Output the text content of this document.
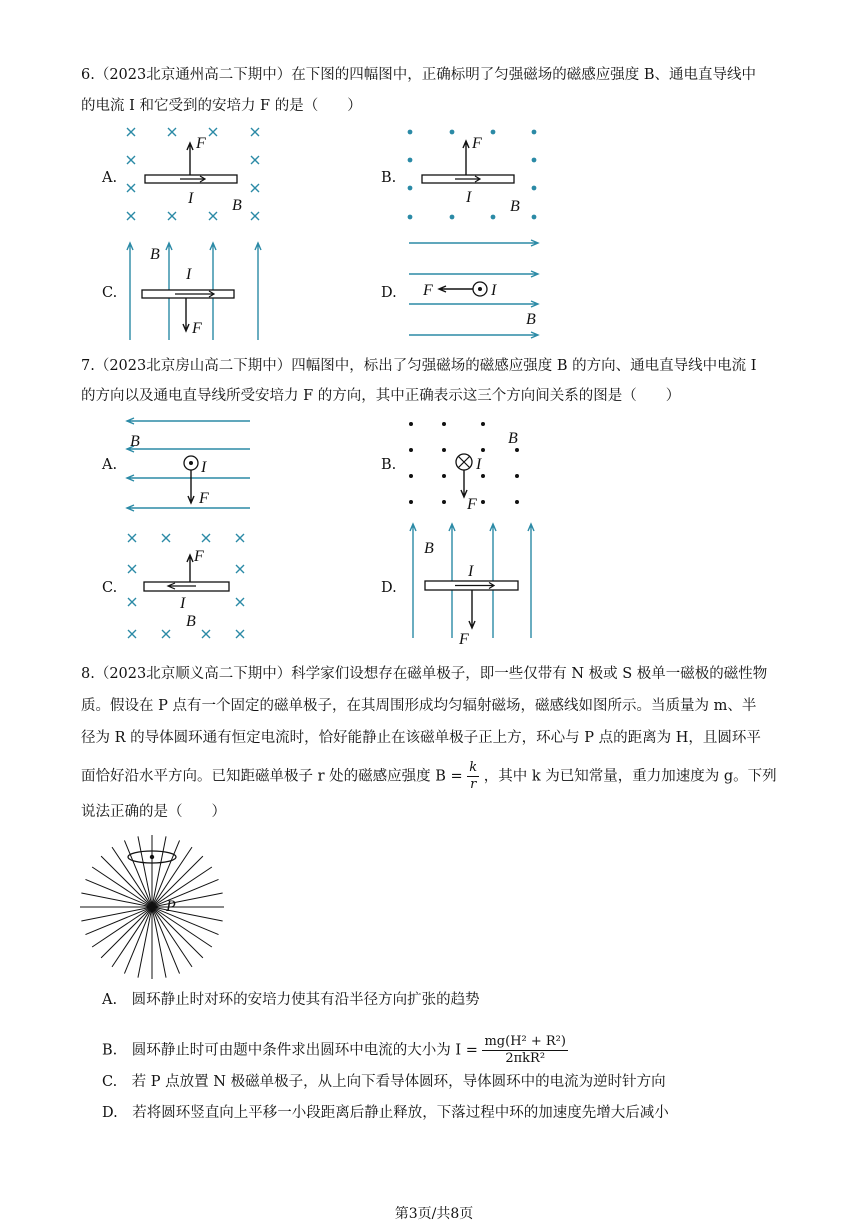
6.（2023北京通州高二下期中）在下图的四幅图中，正确标明了匀强磁场的磁感应强度 B、通电直导线中
的电流 I 和它受到的安培力 F 的是（　　）
A.	B.
C.	D.
F
I B
F
I
B
B
I
F
F	I
B
7.（2023北京房山高二下期中）四幅图中，标出了匀强磁场的磁感应强度 B 的方向、通电直导线中电流 I
的方向以及通电直导线所受安培力 F 的方向，其中正确表示这三个方向间关系的图是（　　）
A.	B.
C.	D.
B
I
F
B
I
F
F
I
B
B
I
F
8.（2023北京顺义高二下期中）科学家们设想存在磁单极子，即一些仅带有 N 极或 S 极单一磁极的磁性物
质。假设在 P 点有一个固定的磁单极子，在其周围形成均匀辐射磁场，磁感线如图所示。当质量为 m、半
径为 R 的导体圆环通有恒定电流时，恰好能静止在该磁单极子正上方，环心与 P 点的距离为 H，且圆环平
面恰好沿水平方向。已知距磁单极子 r 处的磁感应强度 $B = \frac{k}{r}$ ，其中 k 为已知常量，重力加速度为 g。下列
说法正确的是（　　）
P
A.　圆环静止时对环的安培力使其有沿半径方向扩张的趋势
B.　圆环静止时可由题中条件求出圆环中电流的大小为 $I = \frac{\text{mg(H² + R²)}}{\text{2πkR²}}$
C.　若 P 点放置 N 极磁单极子，从上向下看导体圆环，导体圆环中的电流为逆时针方向
D.　若将圆环竖直向上平移一小段距离后静止释放，下落过程中环的加速度先增大后减小
第3页/共8页
